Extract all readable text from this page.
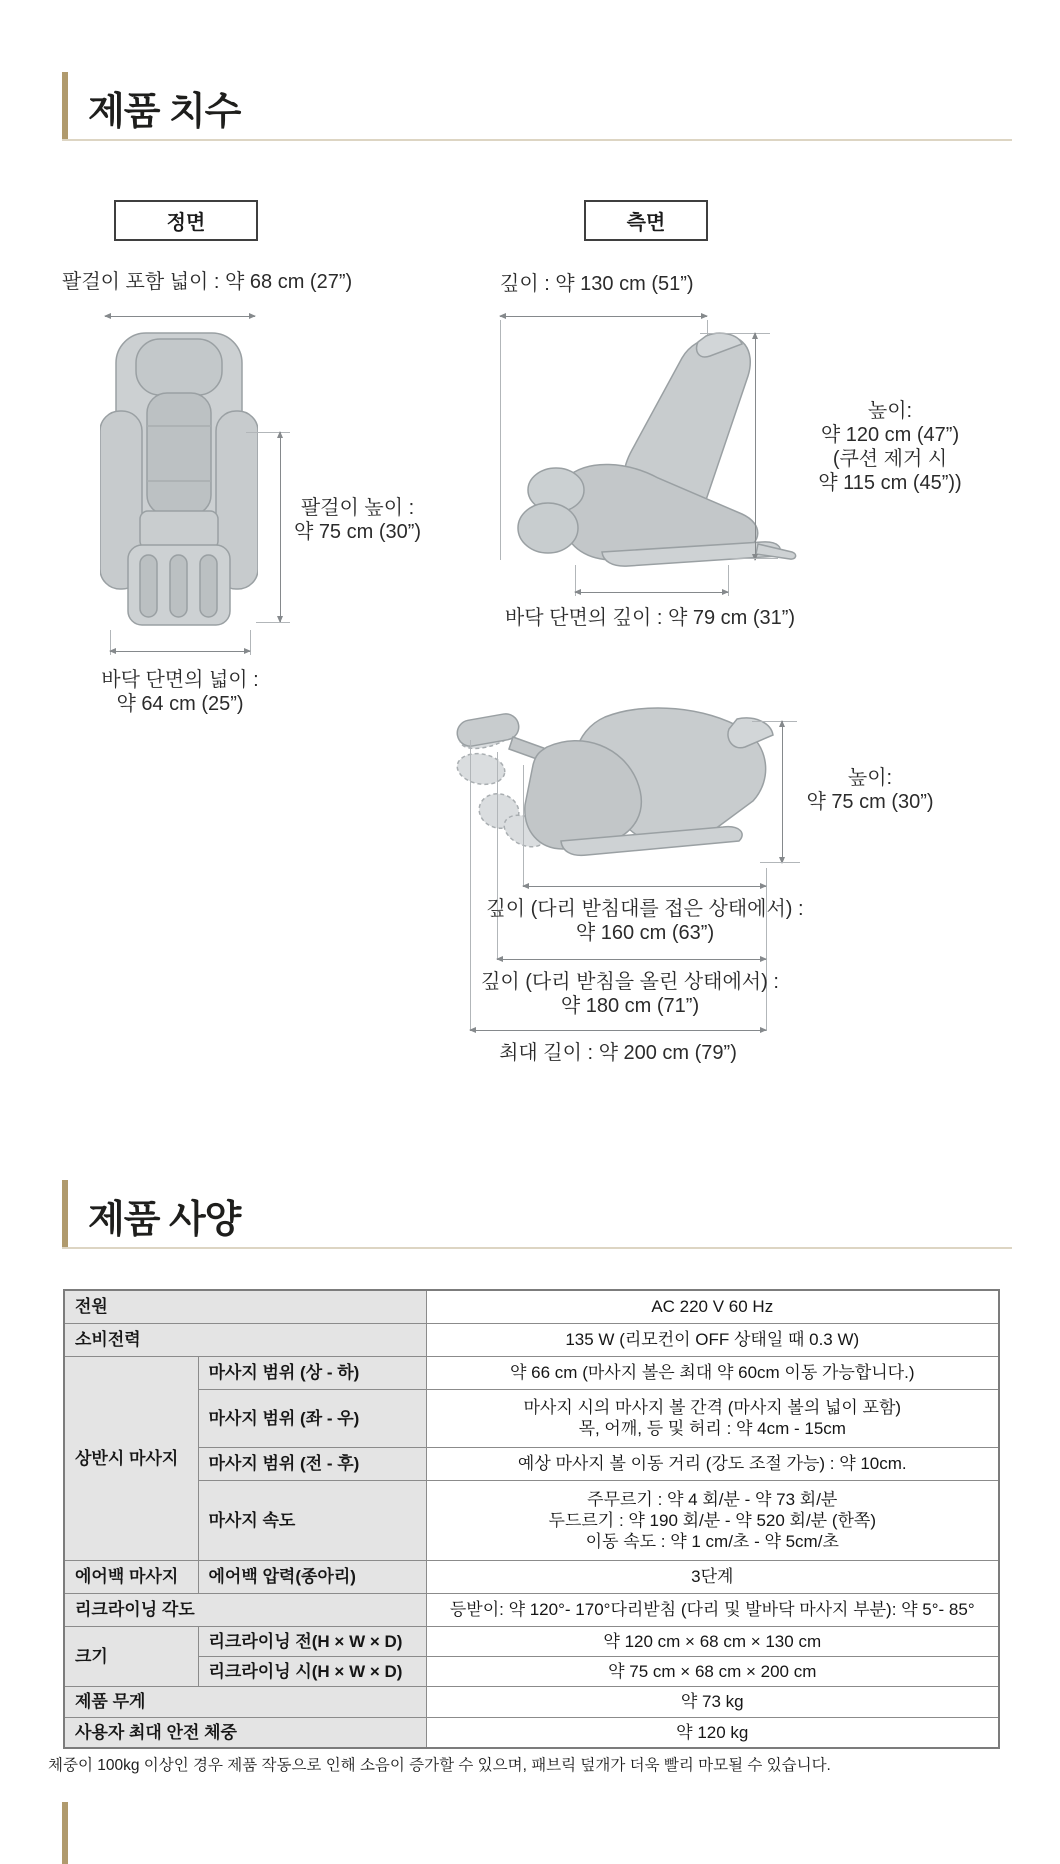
제품 치수
정면	측면
팔걸이 포함 넓이 : 약 68 cm (27”)
팔걸이 높이 :
약 75 cm (30”)
바닥 단면의 넓이 :
약 64 cm (25”)
깊이 : 약 130 cm (51”)
높이:
약 120 cm (47”)
(쿠션 제거 시
약 115 cm (45”))
바닥 단면의 깊이 : 약 79 cm (31”)
높이:
약 75 cm (30”)
깊이 (다리 받침대를 접은 상태에서) :
약 160 cm (63”)
깊이 (다리 받침을 올린 상태에서) :
약 180 cm (71”)
최대 길이 : 약 200 cm (79”)
제품 사양
전원		AC 220 V 60 Hz
소비전력		135 W (리모컨이 OFF 상태일 때 0.3 W)
상반시 마사지	마사지 범위 (상 - 하)	약 66 cm (마사지 볼은 최대 약 60cm 이동 가능합니다.)
	마사지 범위 (좌 - 우)	마사지 시의 마사지 볼 간격 (마사지 볼의 넓이 포함)
목, 어깨, 등 및 허리 : 약 4cm - 15cm

	마사지 범위 (전 - 후)	예상 마사지 볼 이동 거리 (강도 조절 가능) : 약 10cm.
	마사지 속도	주무르기 : 약 4 회/분 - 약 73 회/분
두드르기 : 약 190 회/분 - 약 520 회/분 (한쪽)
이동 속도 : 약 1 cm/초 - 약 5cm/초

에어백 마사지	에어백 압력(종아리)	3단계
리크라이닝 각도		등받이: 약 120°- 170°다리받침 (다리 및 발바닥 마사지 부분): 약 5°- 85°
크기	리크라이닝 전(H × W × D)	약 120 cm × 68 cm × 130 cm
	리크라이닝 시(H × W × D)	약 75 cm × 68 cm × 200 cm
제품 무게		약 73 kg
사용자 최대 안전 체중		약 120 kg
체중이 100kg 이상인 경우 제품 작동으로 인해 소음이 증가할 수 있으며, 패브릭 덮개가 더욱 빨리 마모될 수 있습니다.
